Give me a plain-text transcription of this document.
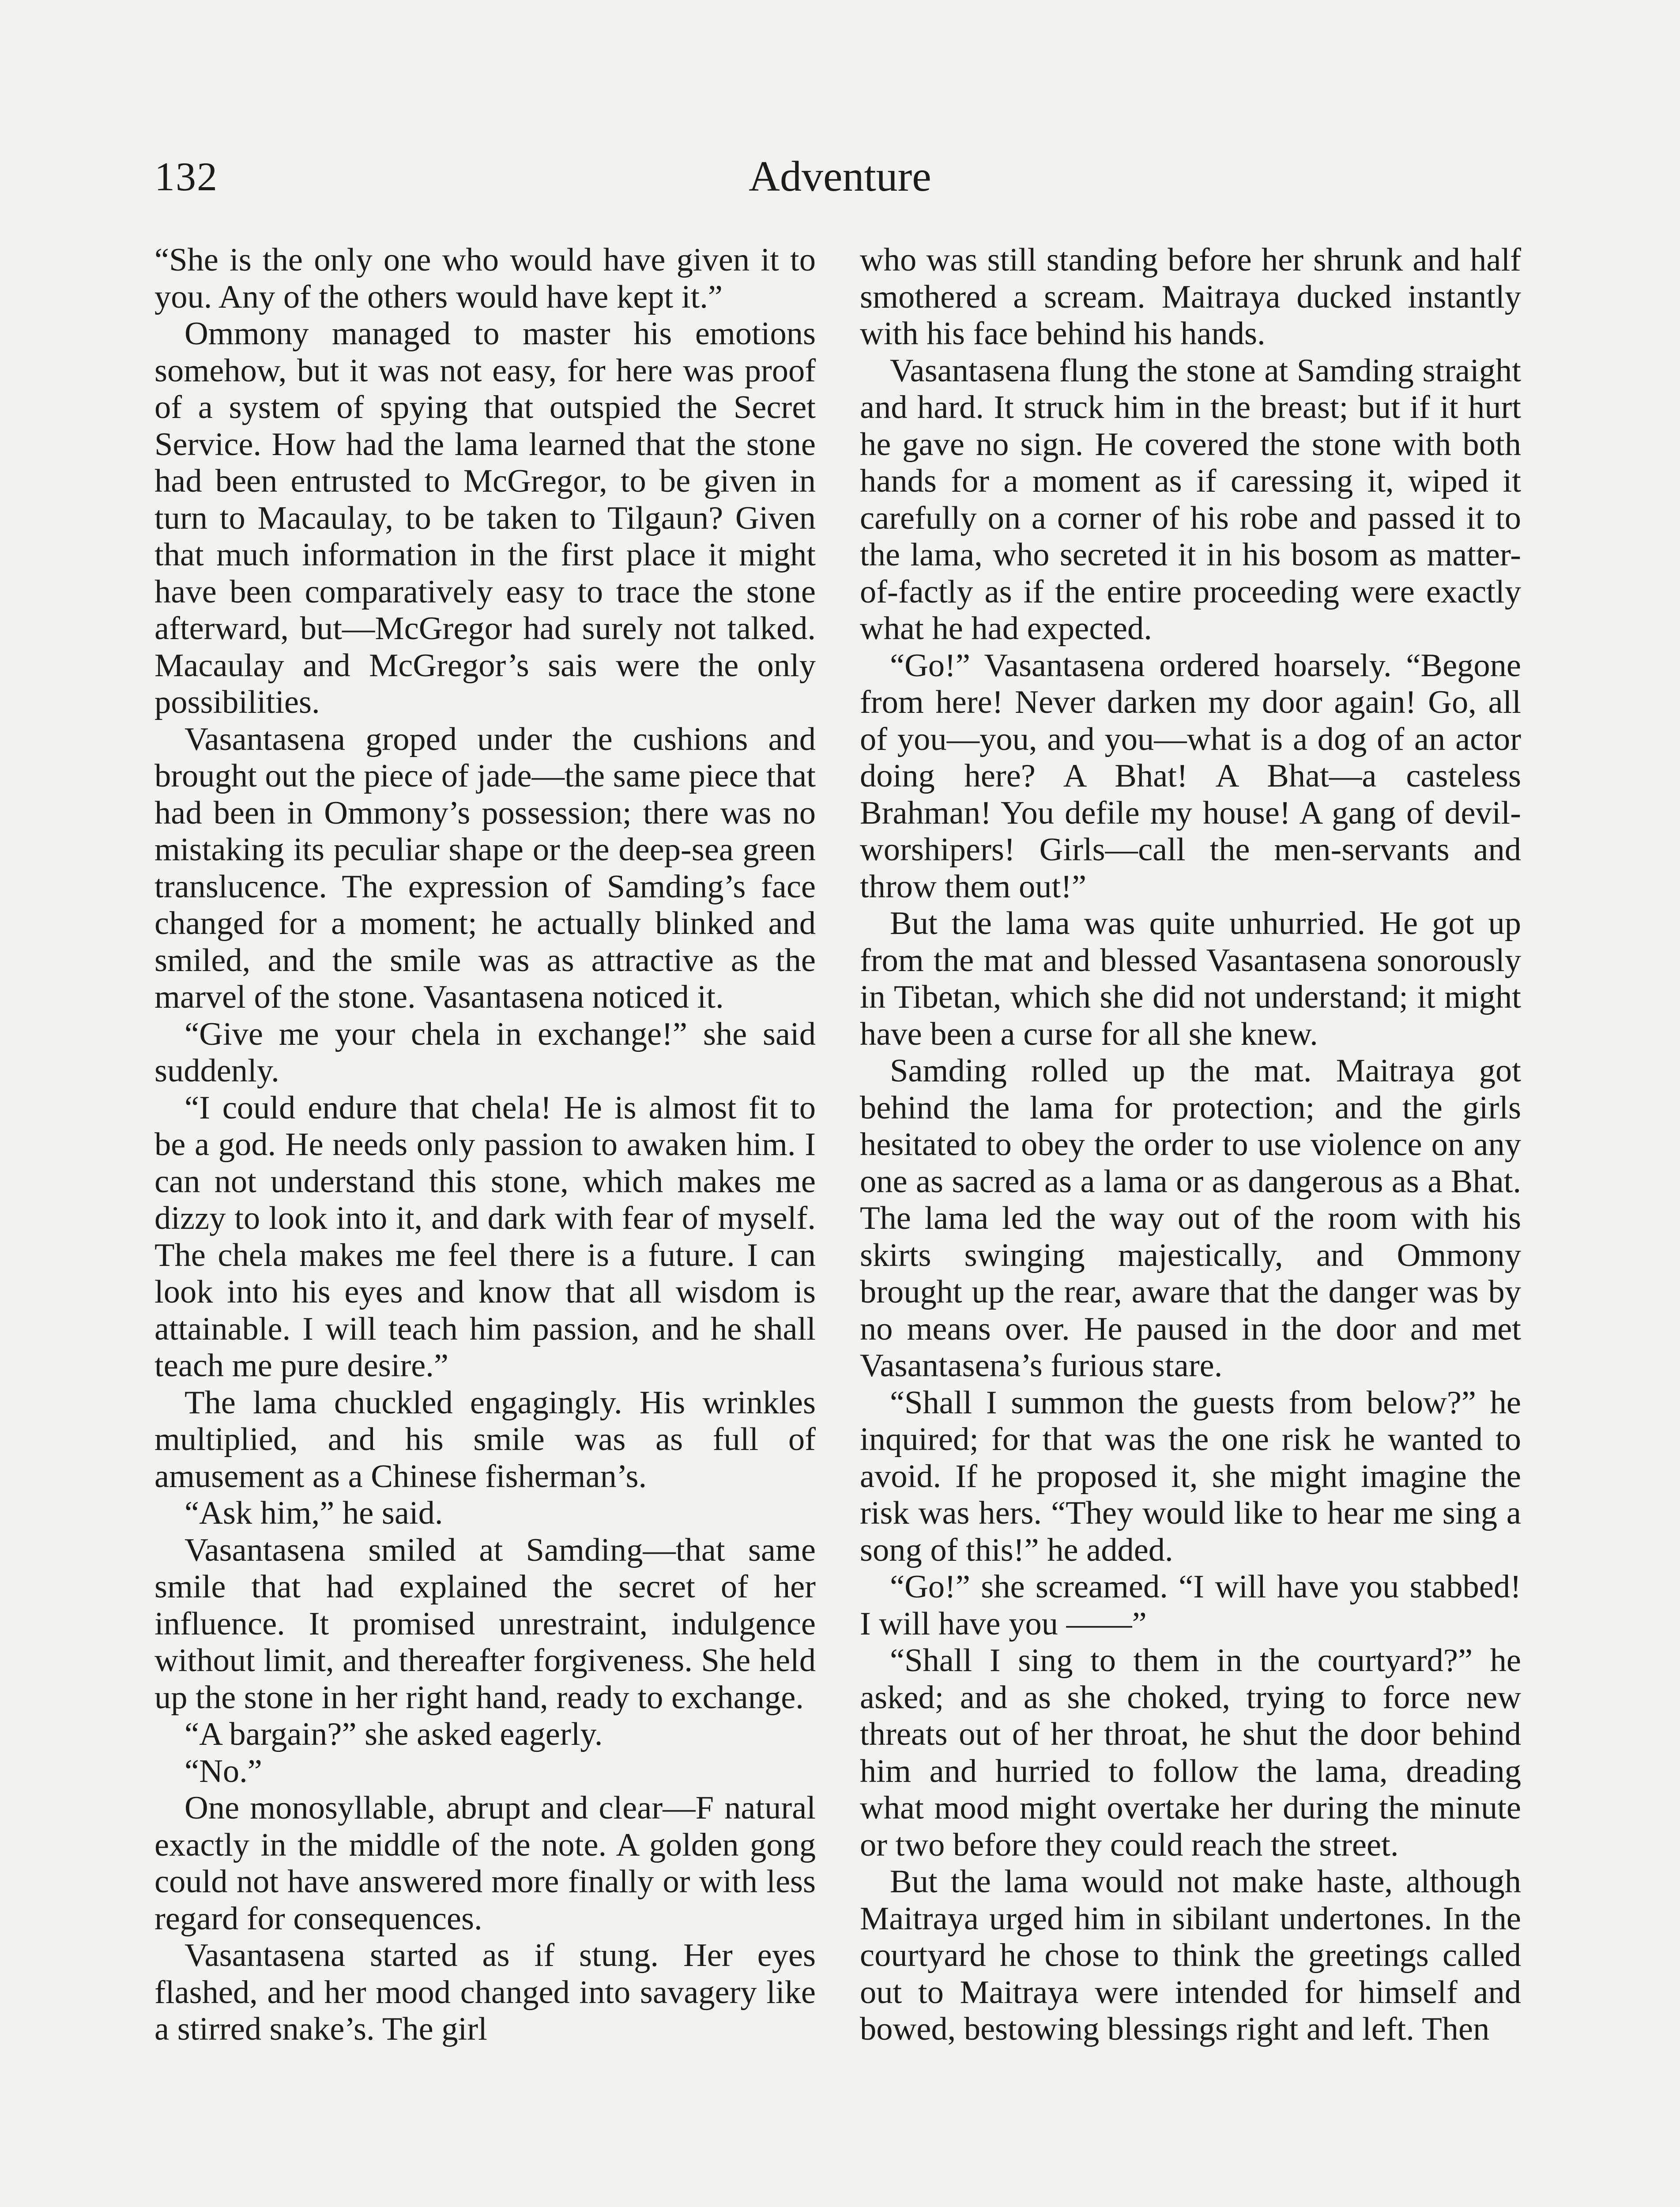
132	Adventure

“She is the only one who would have given it to you. Any of the others would have kept it.”

Ommony managed to master his emotions somehow, but it was not easy, for here was proof of a system of spying that outspied the Secret Service. How had the lama learned that the stone had been entrusted to McGregor, to be given in turn to Macaulay, to be taken to Tilgaun? Given that much information in the first place it might have been comparatively easy to trace the stone afterward, but—McGregor had surely not talked. Macaulay and McGregor’s sais were the only possibilities.

Vasantasena groped under the cushions and brought out the piece of jade—the same piece that had been in Ommony’s possession; there was no mistaking its peculiar shape or the deep-sea green translucence. The expression of Samding’s face changed for a moment; he actually blinked and smiled, and the smile was as attractive as the marvel of the stone. Vasantasena noticed it.

“Give me your chela in exchange!” she said suddenly.

“I could endure that chela! He is almost fit to be a god. He needs only passion to awaken him. I can not understand this stone, which makes me dizzy to look into it, and dark with fear of myself. The chela makes me feel there is a future. I can look into his eyes and know that all wisdom is attainable. I will teach him passion, and he shall teach me pure desire.”

The lama chuckled engagingly. His wrinkles multiplied, and his smile was as full of amusement as a Chinese fisherman’s.

“Ask him,” he said.

Vasantasena smiled at Samding—that same smile that had explained the secret of her influence. It promised unrestraint, indulgence without limit, and thereafter forgiveness. She held up the stone in her right hand, ready to exchange.

“A bargain?” she asked eagerly.

“No.”

One monosyllable, abrupt and clear—F natural exactly in the middle of the note. A golden gong could not have answered more finally or with less regard for consequences.

Vasantasena started as if stung. Her eyes flashed, and her mood changed into savagery like a stirred snake’s. The girl

who was still standing before her shrunk and half smothered a scream. Maitraya ducked instantly with his face behind his hands.

Vasantasena flung the stone at Samding straight and hard. It struck him in the breast; but if it hurt he gave no sign. He covered the stone with both hands for a moment as if caressing it, wiped it carefully on a corner of his robe and passed it to the lama, who secreted it in his bosom as matter-of-factly as if the entire proceeding were exactly what he had expected.

“Go!” Vasantasena ordered hoarsely. “Begone from here! Never darken my door again! Go, all of you—you, and you—what is a dog of an actor doing here? A Bhat! A Bhat—a casteless Brahman! You defile my house! A gang of devil-worshipers! Girls—call the men-servants and throw them out!”

But the lama was quite unhurried. He got up from the mat and blessed Vasantasena sonorously in Tibetan, which she did not understand; it might have been a curse for all she knew.

Samding rolled up the mat. Maitraya got behind the lama for protection; and the girls hesitated to obey the order to use violence on any one as sacred as a lama or as dangerous as a Bhat. The lama led the way out of the room with his skirts swinging majestically, and Ommony brought up the rear, aware that the danger was by no means over. He paused in the door and met Vasantasena’s furious stare.

“Shall I summon the guests from below?” he inquired; for that was the one risk he wanted to avoid. If he proposed it, she might imagine the risk was hers. “They would like to hear me sing a song of this!” he added.

“Go!” she screamed. “I will have you stabbed! I will have you ——”

“Shall I sing to them in the courtyard?” he asked; and as she choked, trying to force new threats out of her throat, he shut the door behind him and hurried to follow the lama, dreading what mood might overtake her during the minute or two before they could reach the street.

But the lama would not make haste, although Maitraya urged him in sibilant undertones. In the courtyard he chose to think the greetings called out to Maitraya were intended for himself and bowed, bestowing blessings right and left. Then
